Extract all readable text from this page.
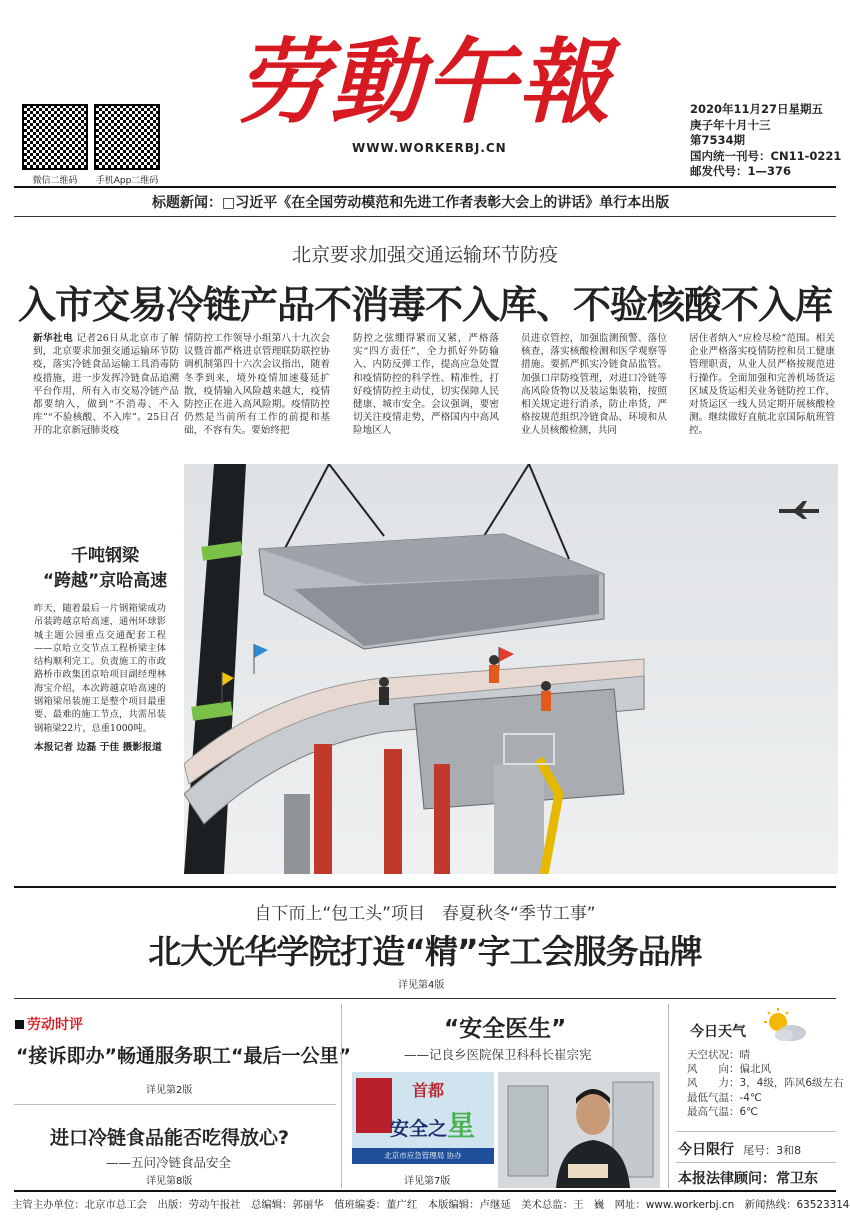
微信二维码	手机App二维码
劳動午報
WWW.WORKERBJ.CN
2020年11月27日星期五
庚子年十月十三
第7534期
国内统一刊号：CN11-0221
邮发代号：1—376
标题新闻：□习近平《在全国劳动模范和先进工作者表彰大会上的讲话》单行本出版
北京要求加强交通运输环节防疫
入市交易冷链产品不消毒不入库、不验核酸不入库
新华社电 记者26日从北京市了解到，北京要求加强交通运输环节防疫，落实冷链食品运输工具消毒防疫措施，进一步发挥冷链食品追溯平台作用，所有入市交易冷链产品都要纳入，做到“不消毒、不入库”“不验核酸、不入库”。25日召开的北京新冠肺炎疫
情防控工作领导小组第八十九次会议暨首都严格进京管理联防联控协调机制第四十六次会议指出，随着冬季到来，境外疫情加速蔓延扩散，疫情输入风险越来越大，疫情防控正在进入高风险期。疫情防控仍然是当前所有工作的前提和基础，不容有失。要始终把
防控之弦绷得紧而又紧，严格落实“四方责任”，全力抓好外防输入、内防反弹工作，提高应急处置和疫情防控的科学性、精准性，打好疫情防控主动仗，切实保障人民健康、城市安全。会议强调，要密切关注疫情走势，严格国内中高风险地区人
员进京管控，加强监测预警、落位核查，落实核酸检测和医学观察等措施。要抓严抓实冷链食品监管。加强口岸防疫管理，对进口冷链等高风险货物以及装运集装箱，按照相关规定进行消杀，防止串货，严格按规范组织冷链食品、环境和从业人员核酸检测，共同
居住者纳入“应检尽检”范围。相关企业严格落实疫情防控和员工健康管理职责，从业人员严格按规范进行操作。全面加强和完善机场货运区域及货运相关业务链防控工作，对货运区一线人员定期开展核酸检测。继续做好直航北京国际航班管控。
千吨钢梁
“跨越”京哈高速
昨天，随着最后一片钢箱梁成功吊装跨越京哈高速，通州环球影城主题公园重点交通配套工程——京哈立交节点工程桥梁主体结构顺利完工。负责施工的市政路桥市政集团京哈项目副经理林海宝介绍，本次跨越京哈高速的钢箱梁吊装施工是整个项目最重要、最难的施工节点，共需吊装钢箱梁22片，总重1000吨。
本报记者 边磊 于佳 摄影报道
自下而上“包工头”项目　春夏秋冬“季节工事”
北大光华学院打造“精”字工会服务品牌
详见第4版
劳动时评
“接诉即办”畅通服务职工“最后一公里”
详见第2版
进口冷链食品能否吃得放心?
——五问冷链食品安全
详见第8版
“安全医生”
——记良乡医院保卫科科长崔宗宪
首都
安全之星
北京市应急管理局 协办
详见第7版
今日天气
天空状况：晴
风　　向：偏北风
风　　力：3，4级，阵风6级左右
最低气温：-4℃
最高气温：6℃
今日限行 尾号：3和8
本报法律顾问：常卫东
主管主办单位：北京市总工会　出版：劳动午报社　总编辑：郭丽华　值班编委：董广红　本版编辑：卢继延　美术总监：王　巍　网址：www.workerbj.cn　新闻热线：63523314
